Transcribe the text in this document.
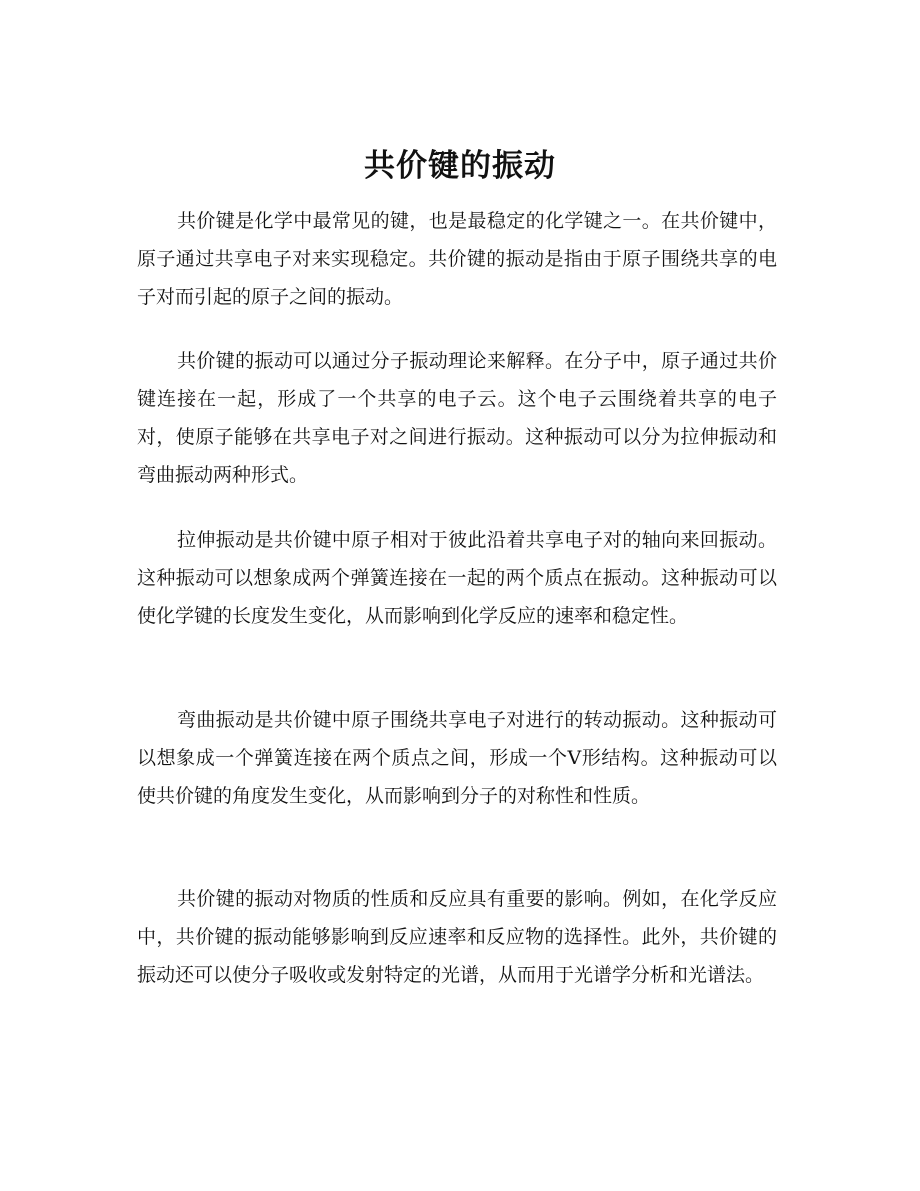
共价键的振动

共价键是化学中最常见的键，也是最稳定的化学键之一。在共价键中，原子通过共享电子对来实现稳定。共价键的振动是指由于原子围绕共享的电子对而引起的原子之间的振动。

共价键的振动可以通过分子振动理论来解释。在分子中，原子通过共价键连接在一起，形成了一个共享的电子云。这个电子云围绕着共享的电子对，使原子能够在共享电子对之间进行振动。这种振动可以分为拉伸振动和弯曲振动两种形式。

拉伸振动是共价键中原子相对于彼此沿着共享电子对的轴向来回振动。这种振动可以想象成两个弹簧连接在一起的两个质点在振动。这种振动可以使化学键的长度发生变化，从而影响到化学反应的速率和稳定性。

弯曲振动是共价键中原子围绕共享电子对进行的转动振动。这种振动可以想象成一个弹簧连接在两个质点之间，形成一个V形结构。这种振动可以使共价键的角度发生变化，从而影响到分子的对称性和性质。

共价键的振动对物质的性质和反应具有重要的影响。例如，在化学反应中，共价键的振动能够影响到反应速率和反应物的选择性。此外，共价键的振动还可以使分子吸收或发射特定的光谱，从而用于光谱学分析和光谱法。
